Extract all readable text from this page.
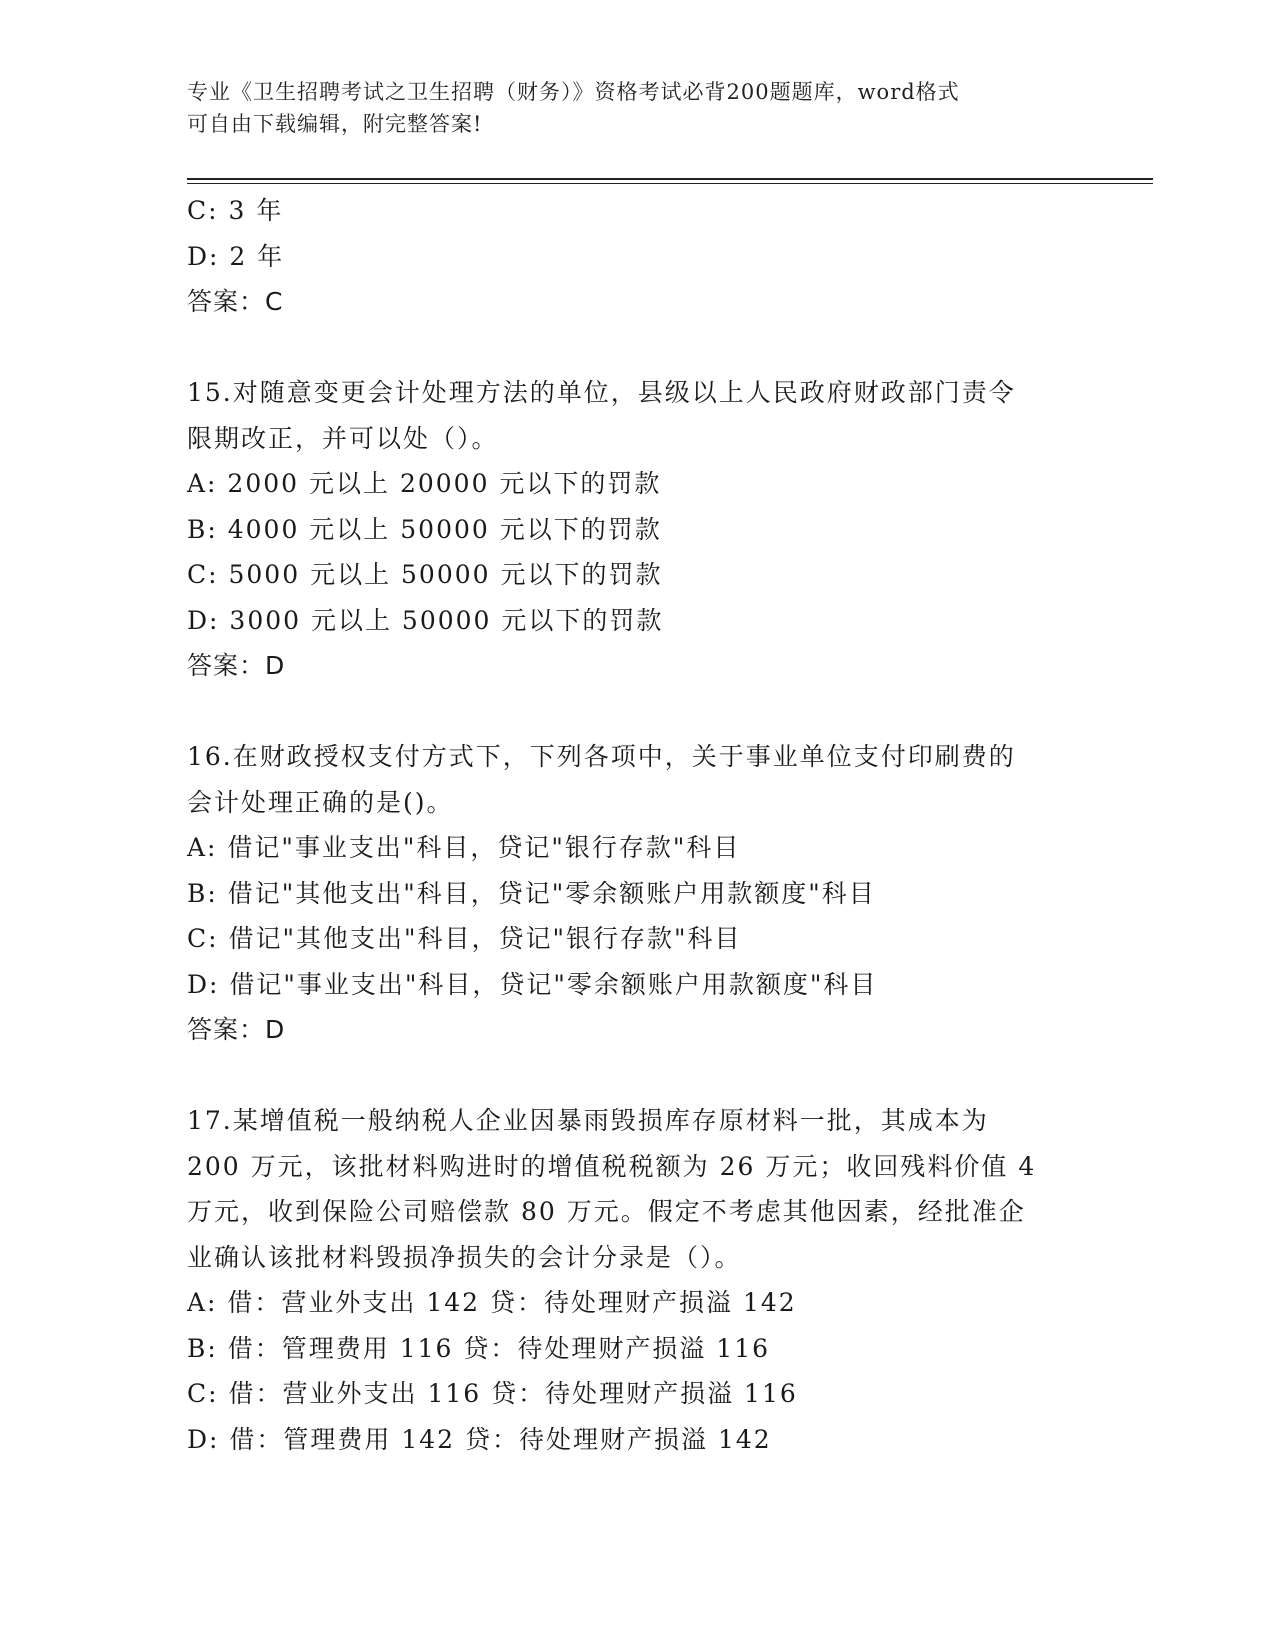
专业《卫生招聘考试之卫生招聘（财务）》资格考试必背200题题库，word格式
可自由下载编辑，附完整答案!
C: 3 年
D: 2 年
答案：C
15.对随意变更会计处理方法的单位，县级以上人民政府财政部门责令
限期改正，并可以处（）。
A: 2000 元以上 20000 元以下的罚款
B: 4000 元以上 50000 元以下的罚款
C: 5000 元以上 50000 元以下的罚款
D: 3000 元以上 50000 元以下的罚款
答案：D
16.在财政授权支付方式下，下列各项中，关于事业单位支付印刷费的
会计处理正确的是()。
A: 借记"事业支出"科目，贷记"银行存款"科目
B: 借记"其他支出"科目，贷记"零余额账户用款额度"科目
C: 借记"其他支出"科目，贷记"银行存款"科目
D: 借记"事业支出"科目，贷记"零余额账户用款额度"科目
答案：D
17.某增值税一般纳税人企业因暴雨毁损库存原材料一批，其成本为
200 万元，该批材料购进时的增值税税额为 26 万元；收回残料价值 4
万元，收到保险公司赔偿款 80 万元。假定不考虑其他因素，经批准企
业确认该批材料毁损净损失的会计分录是（）。
A: 借：营业外支出 142 贷：待处理财产损溢 142
B: 借：管理费用 116 贷：待处理财产损溢 116
C: 借：营业外支出 116 贷：待处理财产损溢 116
D: 借：管理费用 142 贷：待处理财产损溢 142
